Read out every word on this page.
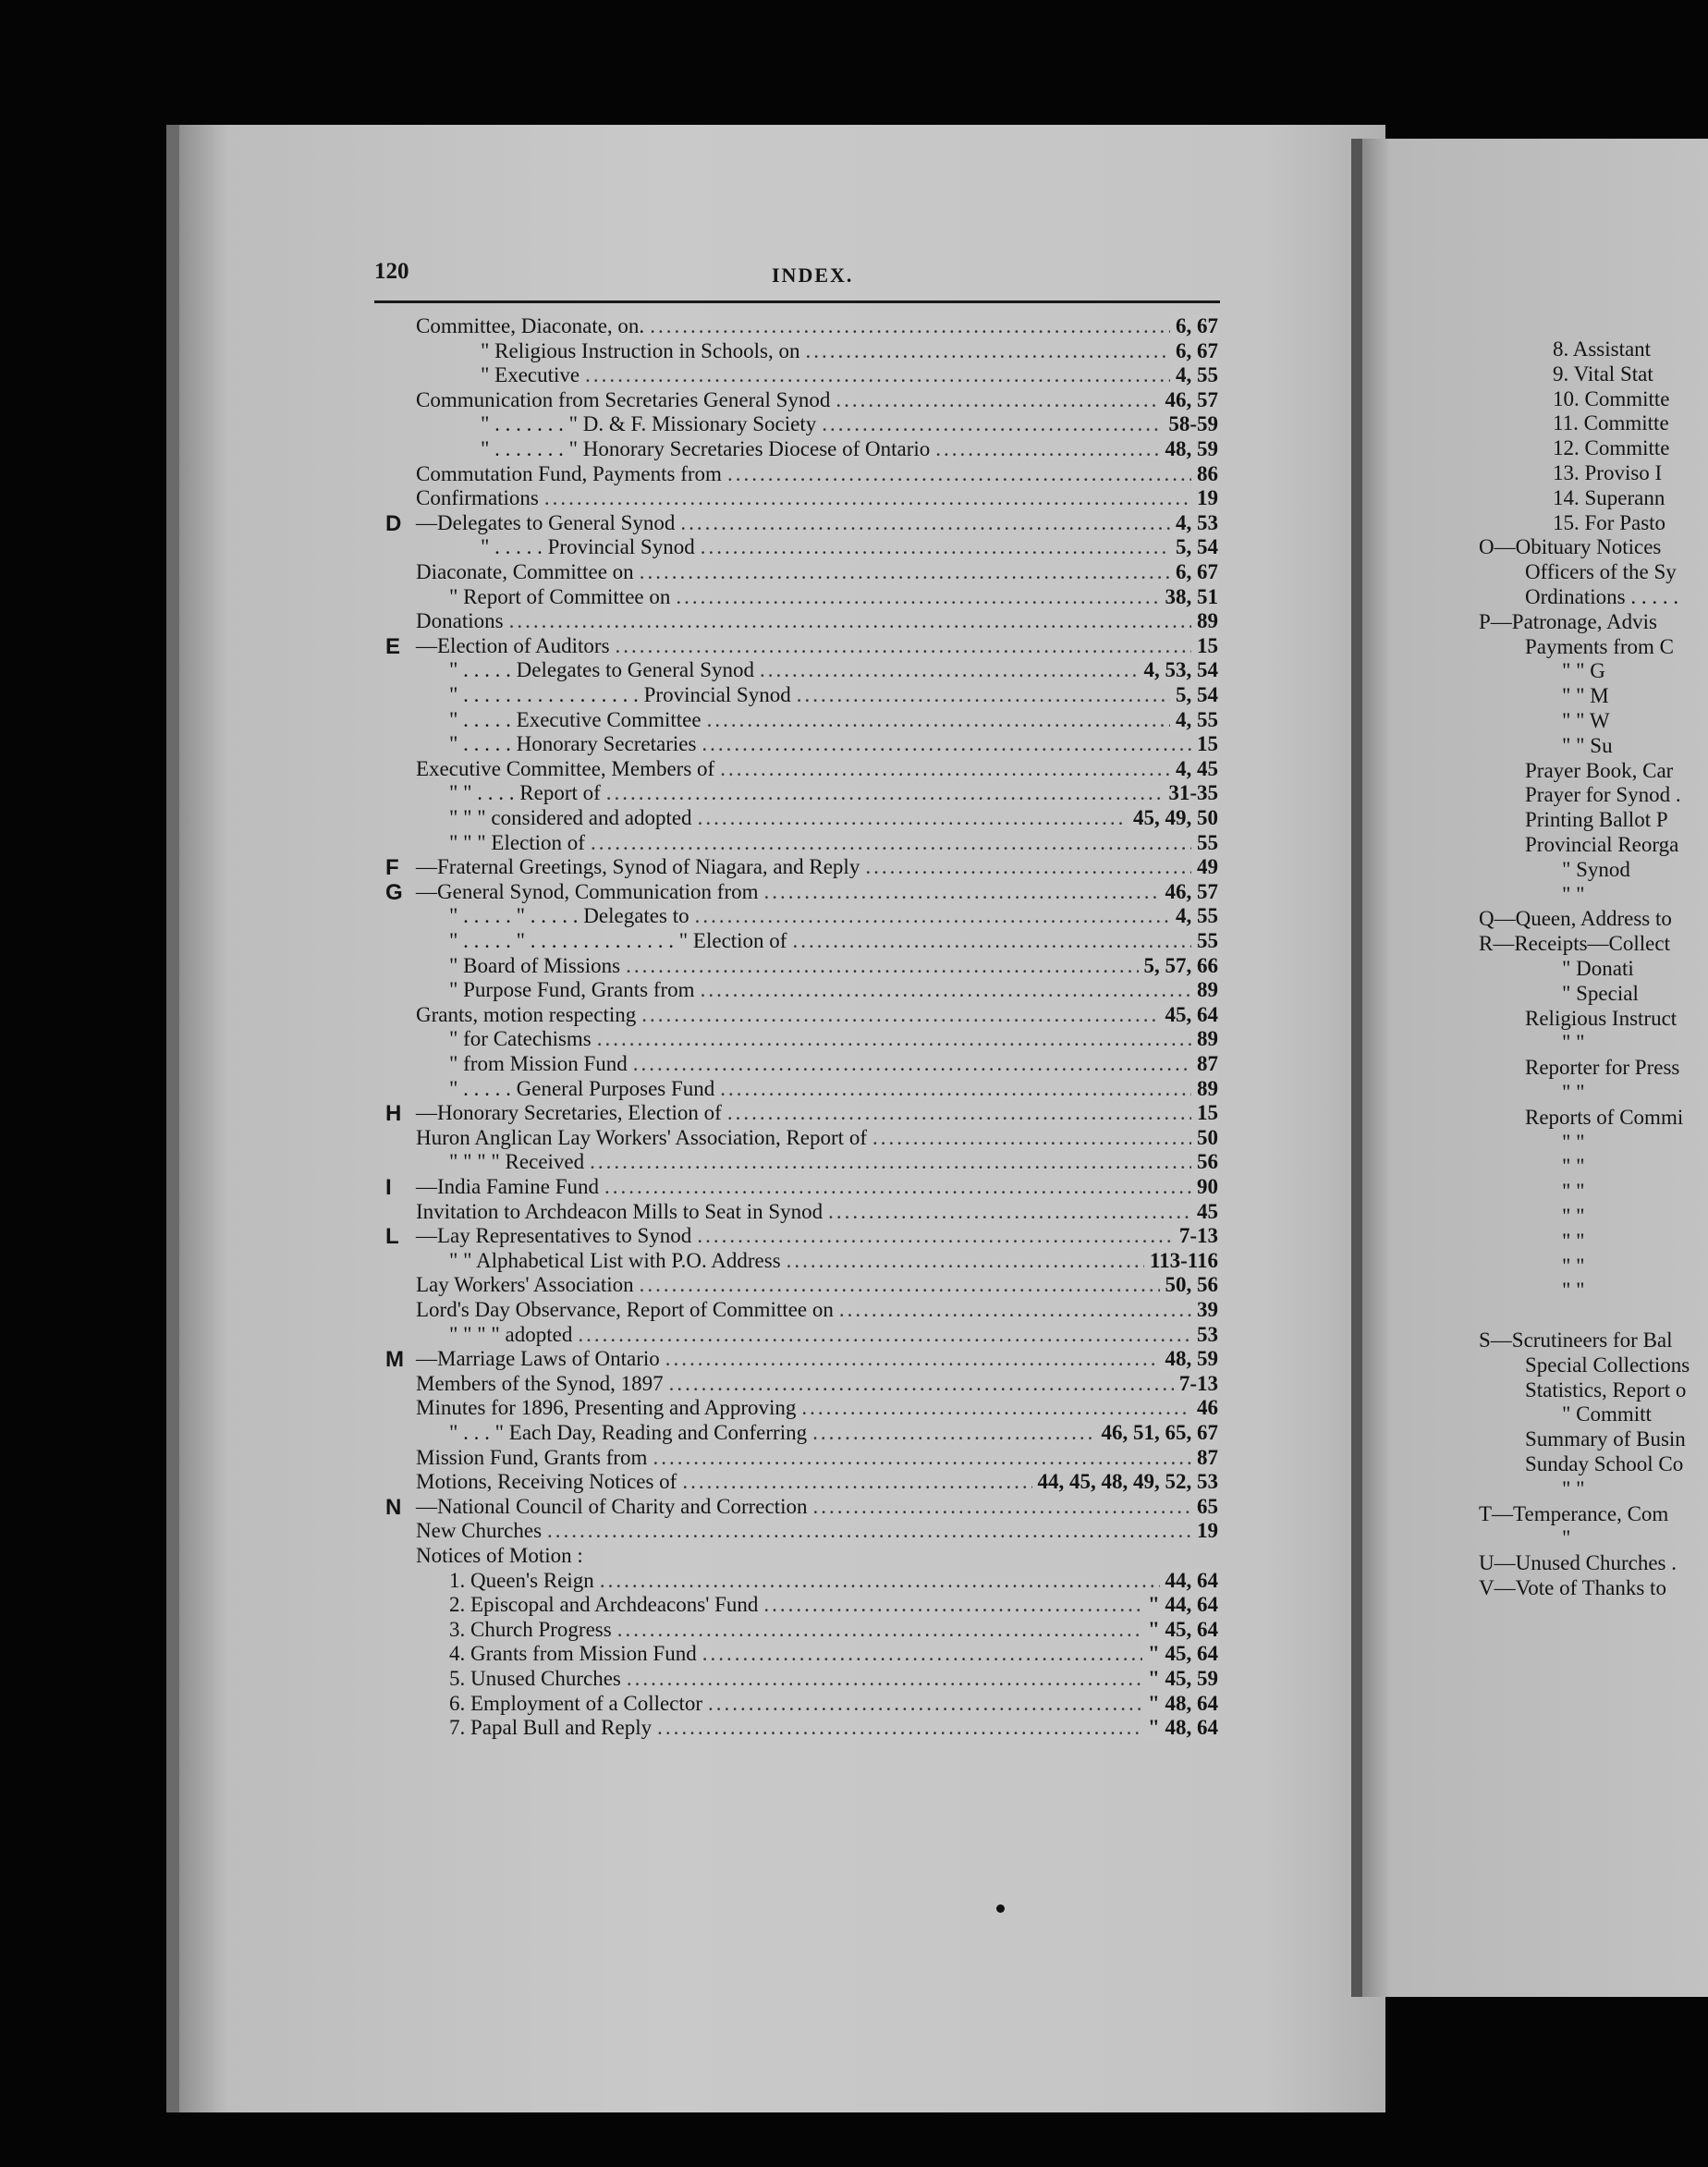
120	INDEX.
Committee, Diaconate, on. .....	6, 67
" Religious Instruction in Schools, on .....	6, 67
" Executive .....	4, 55
Communication from Secretaries General Synod .....	46, 57
" . . . . . . . " D. & F. Missionary Society .....	58-59
" . . . . . . . " Honorary Secretaries Diocese of Ontario .....	48, 59
Commutation Fund, Payments from .....	86
Confirmations .....	19
D —Delegates to General Synod .....	4, 53
" . . . . . Provincial Synod .....	5, 54
Diaconate, Committee on .....	6, 67
" Report of Committee on .....	38, 51
Donations .....	89
E —Election of Auditors .....	15
" . . . . . Delegates to General Synod .....	4, 53, 54
" . . . . . . . . . . . . . . . . . Provincial Synod .....	5, 54
" . . . . . Executive Committee .....	4, 55
" . . . . . Honorary Secretaries .....	15
Executive Committee, Members of .....	4, 45
" " . . . . Report of .....	31-35
" " " considered and adopted .....	45, 49, 50
" " " Election of .....	55
F —Fraternal Greetings, Synod of Niagara, and Reply .....	49
G —General Synod, Communication from .....	46, 57
" . . . . . " . . . . . Delegates to .....	4, 55
" . . . . . " . . . . . . . . . . . . . . " Election of .....	55
" Board of Missions .....	5, 57, 66
" Purpose Fund, Grants from .....	89
Grants, motion respecting .....	45, 64
" for Catechisms .....	89
" from Mission Fund .....	87
" . . . . . General Purposes Fund .....	89
H —Honorary Secretaries, Election of .....	15
Huron Anglican Lay Workers' Association, Report of .....	50
" " " " Received .....	56
I —India Famine Fund .....	90
Invitation to Archdeacon Mills to Seat in Synod .....	45
L —Lay Representatives to Synod .....	7-13
" " Alphabetical List with P.O. Address .....	113-116
Lay Workers' Association .....	50, 56
Lord's Day Observance, Report of Committee on .....	39
" " " " adopted .....	53
M —Marriage Laws of Ontario .....	48, 59
Members of the Synod, 1897 .....	7-13
Minutes for 1896, Presenting and Approving .....	46
" . . . " Each Day, Reading and Conferring .....	46, 51, 65, 67
Mission Fund, Grants from .....	87
Motions, Receiving Notices of .....	44, 45, 48, 49, 52, 53
N —National Council of Charity and Correction .....	65
New Churches .....	19
Notices of Motion :
1. Queen's Reign .....	44, 64
2. Episcopal and Archdeacons' Fund .....	" 44, 64
3. Church Progress .....	" 45, 64
4. Grants from Mission Fund .....	" 45, 64
5. Unused Churches .....	" 45, 59
6. Employment of a Collector .....	" 48, 64
7. Papal Bull and Reply .....	" 48, 64
8. Assistant
9. Vital Stat
10. Committe
11. Committe
12. Committe
13. Proviso I
14. Superann
15. For Pasto
O—Obituary Notices
Officers of the Sy
Ordinations . . . . .
P—Patronage, Advis
Payments from C
" " G
" " M
" " W
" " Su
Prayer Book, Car
Prayer for Synod .
Printing Ballot P
Provincial Reorga
" Synod
" "
Q—Queen, Address to
R—Receipts—Collect
" Donati
" Special
Religious Instruct
" "
Reporter for Press
" "
Reports of Commi
" "
" "
" "
" "
" "
" "
" "
S—Scrutineers for Bal
Special Collections
Statistics, Report o
" Committ
Summary of Busin
Sunday School Co
" "
T—Temperance, Com
"
U—Unused Churches .
V—Vote of Thanks to
